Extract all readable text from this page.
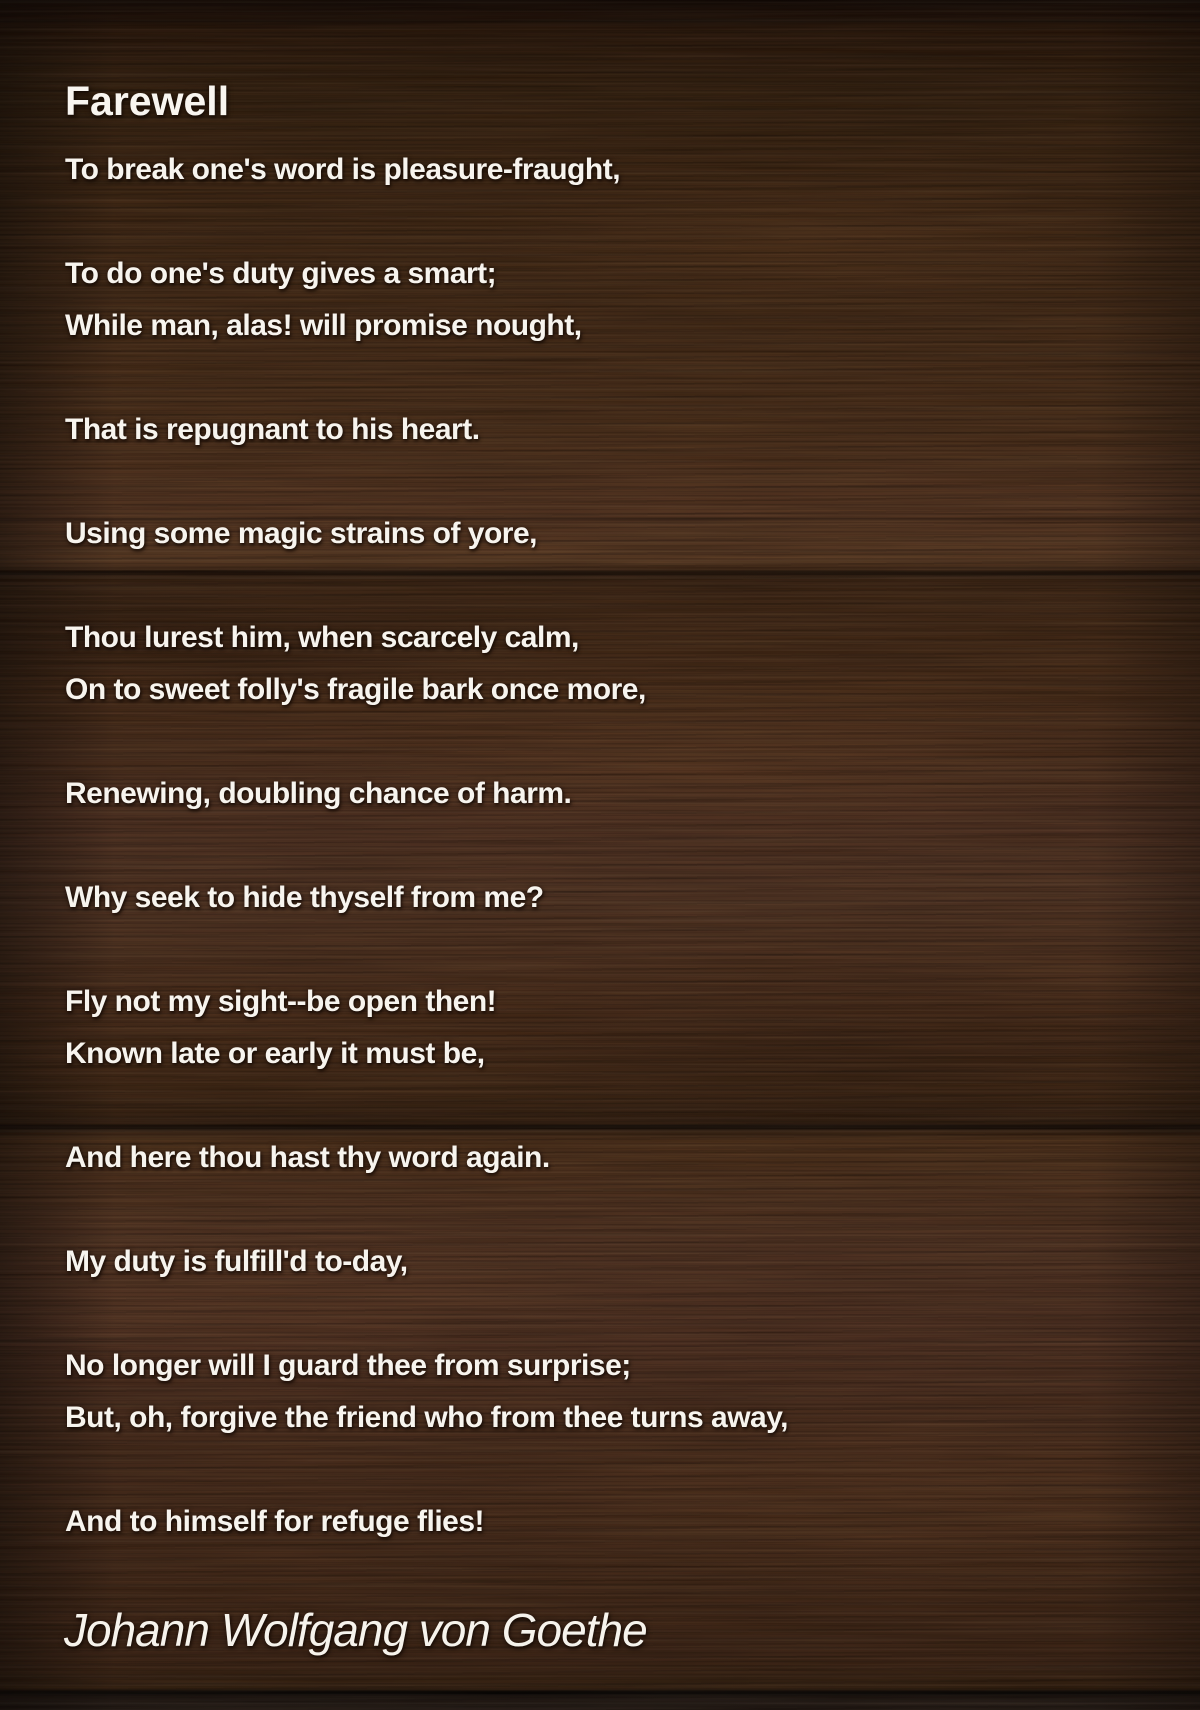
Farewell
To break one's word is pleasure-fraught,
To do one's duty gives a smart;
While man, alas! will promise nought,
That is repugnant to his heart.
Using some magic strains of yore,
Thou lurest him, when scarcely calm,
On to sweet folly's fragile bark once more,
Renewing, doubling chance of harm.
Why seek to hide thyself from me?
Fly not my sight--be open then!
Known late or early it must be,
And here thou hast thy word again.
My duty is fulfill'd to-day,
No longer will I guard thee from surprise;
But, oh, forgive the friend who from thee turns away,
And to himself for refuge flies!
Johann Wolfgang von Goethe
